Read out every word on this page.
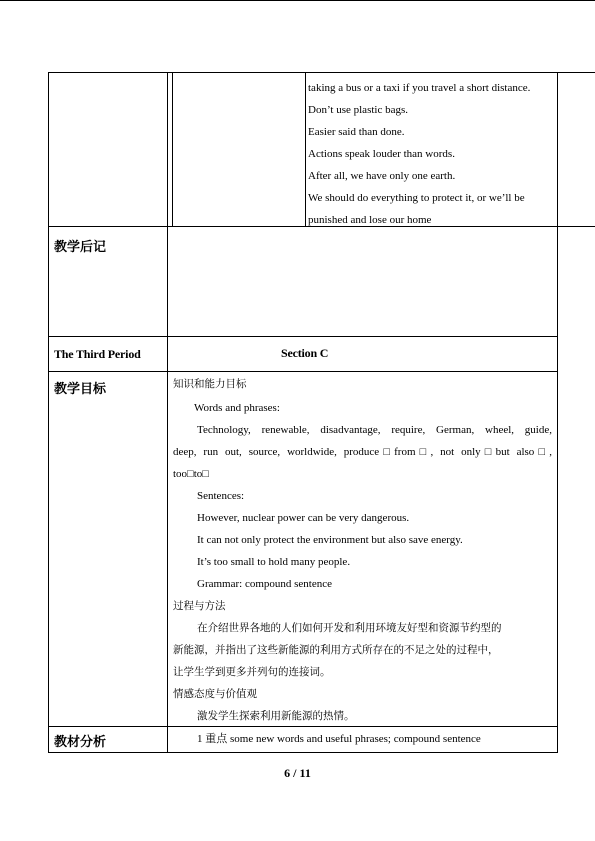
taking a bus or a taxi if you travel a short distance.
Don’t use plastic bags.
Easier said than done.
Actions speak louder than words.
After all, we have only one earth.
We should do everything to protect it, or we’ll be
punished and lose our home
教学后记
The Third Period	Section C
教学目标	知识和能力目标
Words and phrases:
Technology, renewable, disadvantage, require, German, wheel, guide,
deep, run out, source, worldwide, produce□from□, not only□but also□,
too□to□
Sentences:
However, nuclear power can be very dangerous.
It can not only protect the environment but also save energy.
It’s too small to hold many people.
Grammar: compound sentence
过程与方法
在介绍世界各地的人们如何开发和利用环境友好型和资源节约型的
新能源，并指出了这些新能源的利用方式所存在的不足之处的过程中，
让学生学到更多并列句的连接词。
情感态度与价值观
激发学生探索利用新能源的热情。
教材分析	1 重点 some new words and useful phrases; compound sentence
6 / 11
